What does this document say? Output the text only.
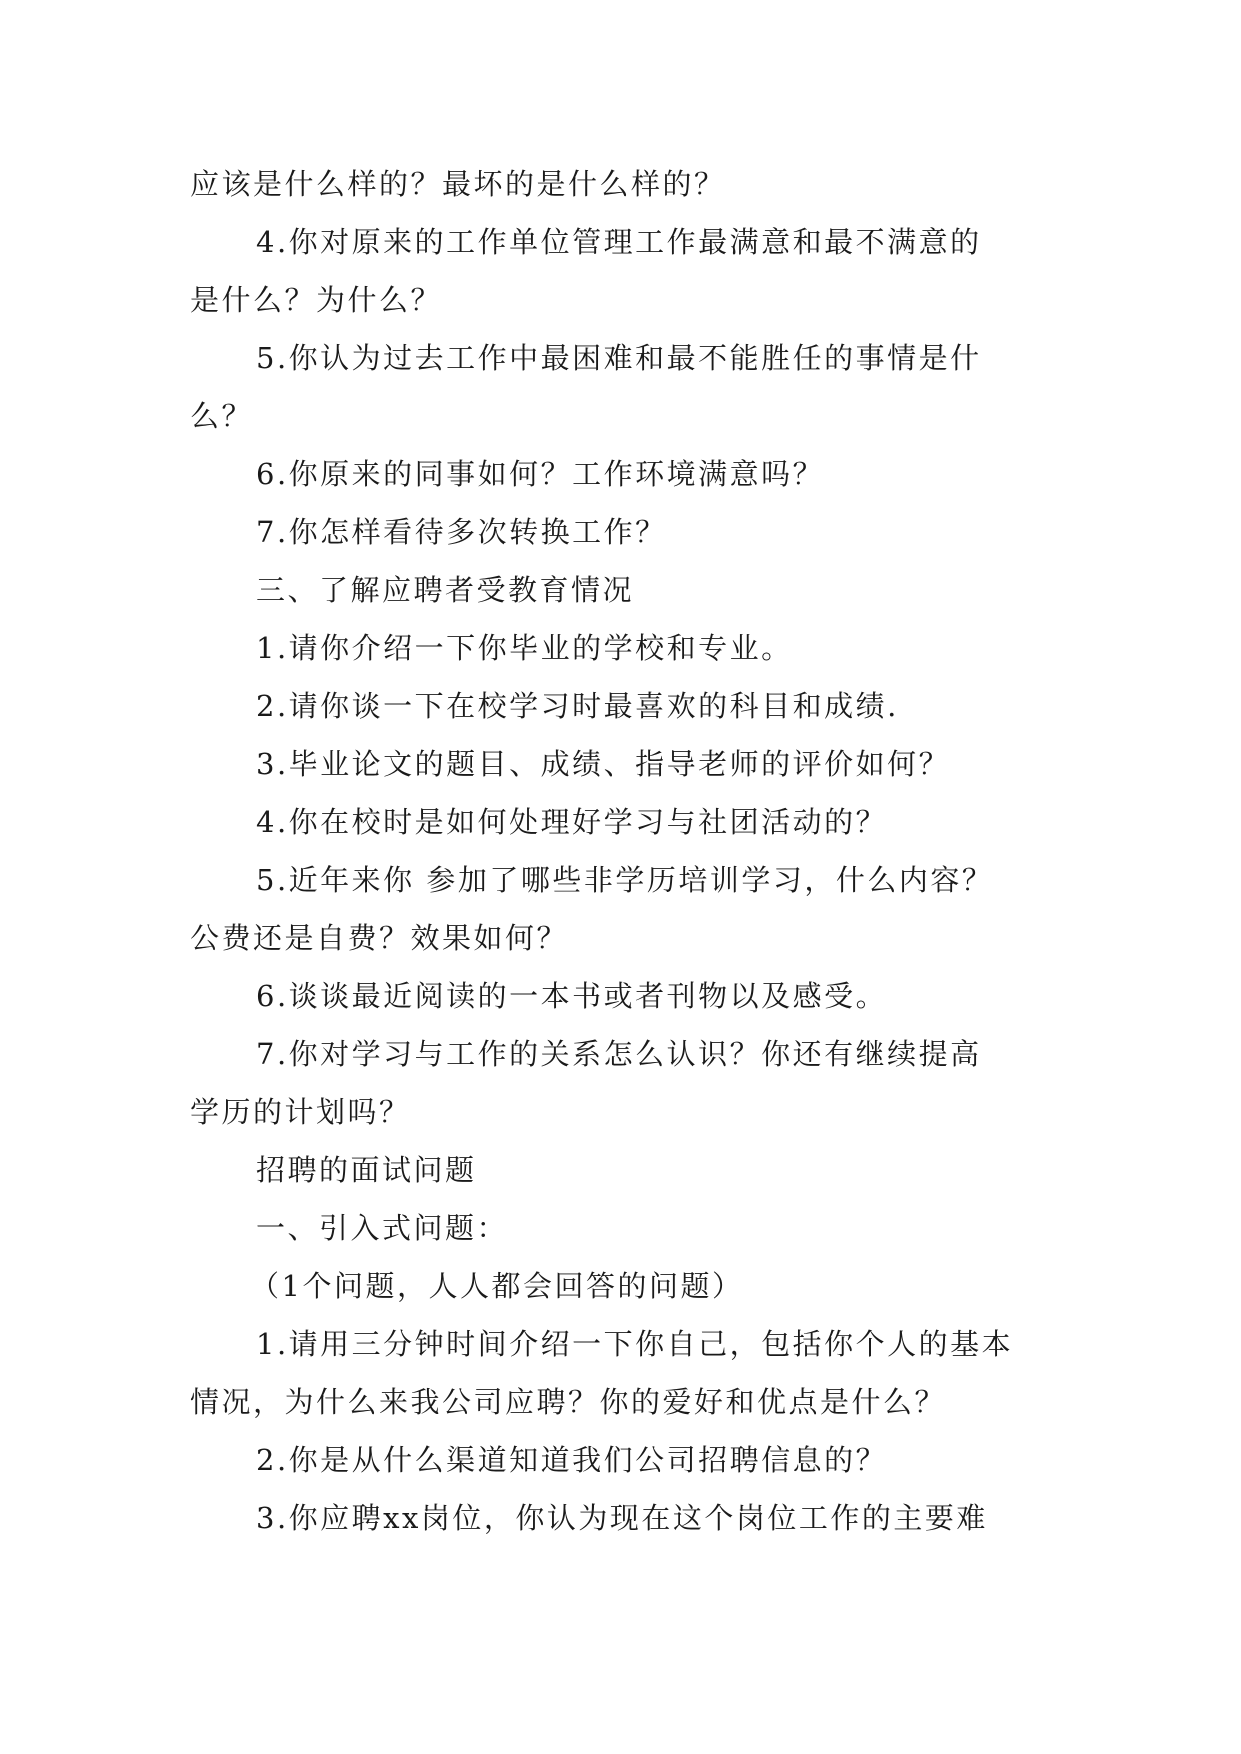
应该是什么样的？最坏的是什么样的？
4.你对原来的工作单位管理工作最满意和最不满意的
是什么？为什么？
5.你认为过去工作中最困难和最不能胜任的事情是什
么？
6.你原来的同事如何？工作环境满意吗？
7.你怎样看待多次转换工作？
三、了解应聘者受教育情况
1.请你介绍一下你毕业的学校和专业。
2.请你谈一下在校学习时最喜欢的科目和成绩.
3.毕业论文的题目、成绩、指导老师的评价如何？
4.你在校时是如何处理好学习与社团活动的？
5.近年来你 参加了哪些非学历培训学习，什么内容？
公费还是自费？效果如何？
6.谈谈最近阅读的一本书或者刊物以及感受。
7.你对学习与工作的关系怎么认识？你还有继续提高
学历的计划吗？
招聘的面试问题
一、引入式问题：
（1个问题，人人都会回答的问题）
1.请用三分钟时间介绍一下你自己，包括你个人的基本
情况，为什么来我公司应聘？你的爱好和优点是什么？
2.你是从什么渠道知道我们公司招聘信息的？
3.你应聘xx岗位，你认为现在这个岗位工作的主要难
